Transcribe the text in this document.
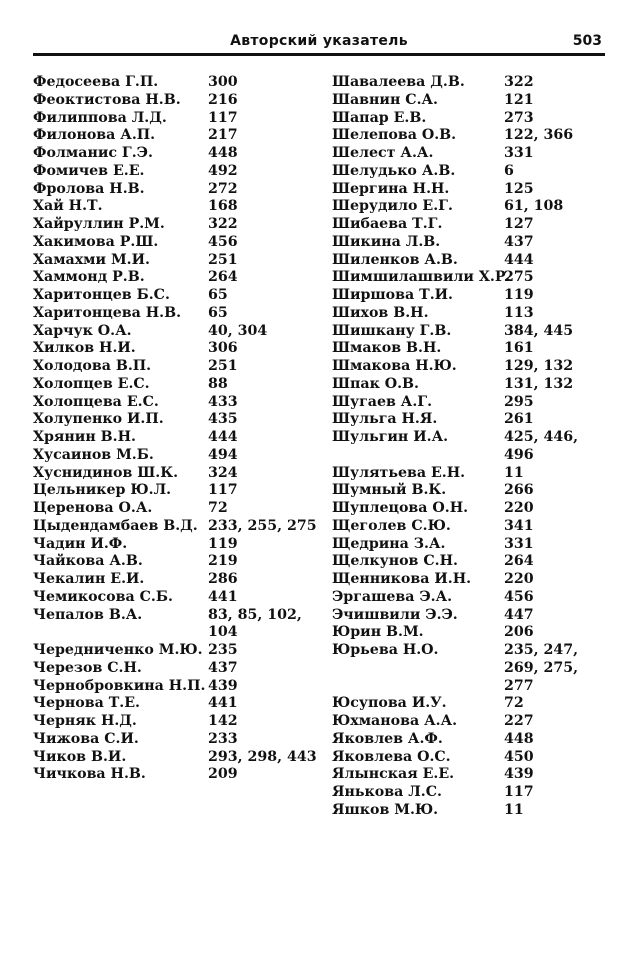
Авторский указатель	503
Федосеева Г.П.	300
Феоктистова Н.В.	216
Филиппова Л.Д.	117
Филонова А.П.	217
Фолманис Г.Э.	448
Фомичев Е.Е.	492
Фролова Н.В.	272
Хай Н.Т.	168
Хайруллин Р.М.	322
Хакимова Р.Ш.	456
Хамахми М.И.	251
Хаммонд Р.В.	264
Харитонцев Б.С.	65
Харитонцева Н.В.	65
Харчук О.А.	40, 304
Хилков Н.И.	306
Холодова В.П.	251
Холопцев Е.С.	88
Холопцева Е.С.	433
Холупенко И.П.	435
Хрянин В.Н.	444
Хусаинов М.Б.	494
Хуснидинов Ш.К.	324
Цельникер Ю.Л.	117
Церенова О.А.	72
Цыдендамбаев В.Д. 233, 255, 275
Чадин И.Ф.	119
Чайкова А.В.	219
Чекалин Е.И.	286
Чемикосова С.Б.	441
Чепалов В.А.	83, 85, 102,
104
Чередниченко М.Ю. 235
Черезов С.Н.	437
Чернобровкина Н.П. 439
Чернова Т.Е.	441
Черняк Н.Д.	142
Чижова С.И.	233
Чиков В.И.	293, 298, 443
Чичкова Н.В.	209
Шавалеева Д.В.	322
Шавнин С.А.	121
Шапар Е.В.	273
Шелепова О.В.	122, 366
Шелест А.А.	331
Шелудько А.В.	6
Шергина Н.Н.	125
Шерудило Е.Г.	61, 108
Шибаева Т.Г.	127
Шикина Л.В.	437
Шиленков А.В.	444
Шимшилашвили Х.Р.
275
Ширшова Т.И.	119
Шихов В.Н.	113
Шишкану Г.В.	384, 445
Шмаков В.Н.	161
Шмакова Н.Ю.	129, 132
Шпак О.В.	131, 132
Шугаев А.Г.	295
Шульга Н.Я.	261
Шульгин И.А.	425, 446, 496
Шулятьева Е.Н.	11
Шумный В.К.	266
Шуплецова О.Н.	220
Щеголев С.Ю.	341
Щедрина З.А.	331
Щелкунов С.Н.	264
Щенникова И.Н.	220
Эргашева Э.А.	456
Эчишвили Э.Э.	447
Юрин В.М.	206
Юрьева Н.О.	235, 247,
269, 275, 277
Юсупова И.У.	72
Юхманова А.А.	227
Яковлев А.Ф.	448
Яковлева О.С.	450
Ялынская Е.Е.	439
Янькова Л.С.	117
Яшков М.Ю.	11
